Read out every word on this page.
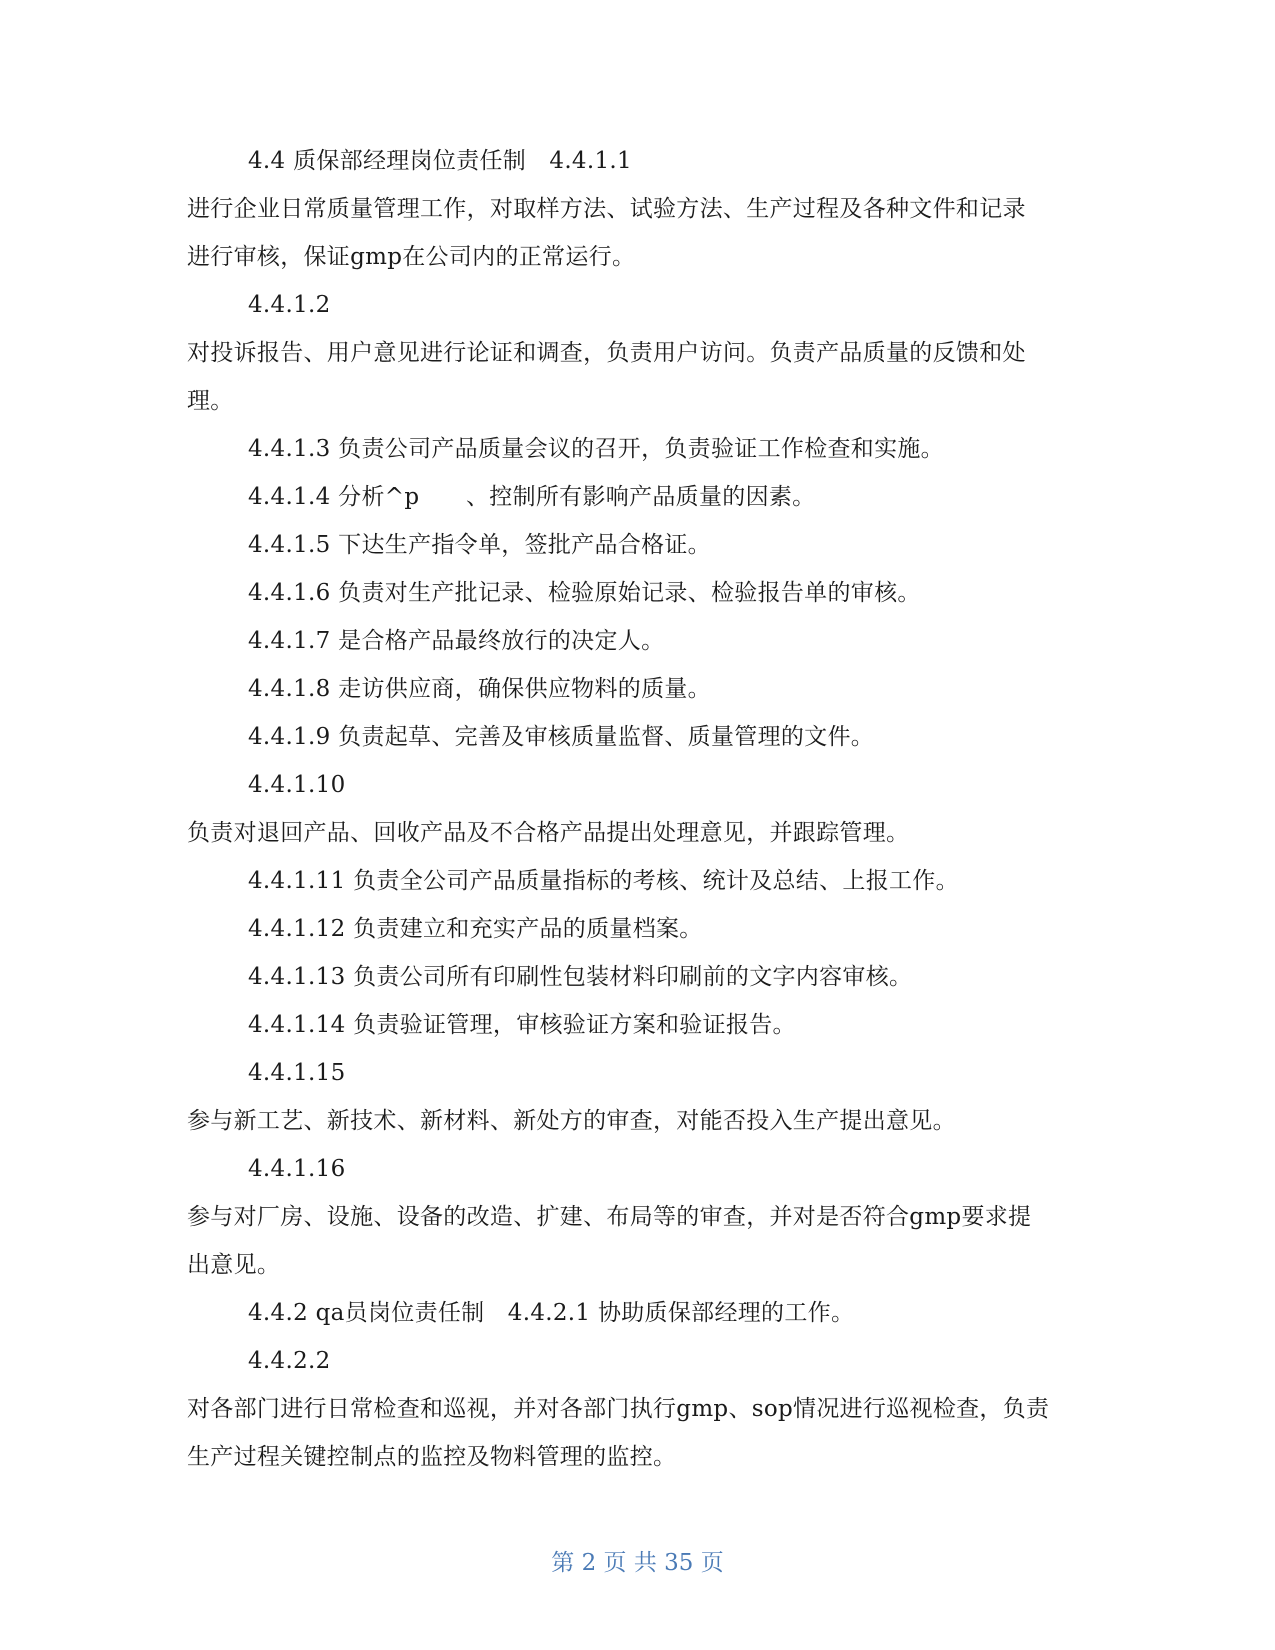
4.4 质保部经理岗位责任制　4.4.1.1
进行企业日常质量管理工作，对取样方法、试验方法、生产过程及各种文件和记录
进行审核，保证gmp在公司内的正常运行。
4.4.1.2
对投诉报告、用户意见进行论证和调查，负责用户访问。负责产品质量的反馈和处
理。
4.4.1.3 负责公司产品质量会议的召开，负责验证工作检查和实施。
4.4.1.4 分析^p　　、控制所有影响产品质量的因素。
4.4.1.5 下达生产指令单，签批产品合格证。
4.4.1.6 负责对生产批记录、检验原始记录、检验报告单的审核。
4.4.1.7 是合格产品最终放行的决定人。
4.4.1.8 走访供应商，确保供应物料的质量。
4.4.1.9 负责起草、完善及审核质量监督、质量管理的文件。
4.4.1.10
负责对退回产品、回收产品及不合格产品提出处理意见，并跟踪管理。
4.4.1.11 负责全公司产品质量指标的考核、统计及总结、上报工作。
4.4.1.12 负责建立和充实产品的质量档案。
4.4.1.13 负责公司所有印刷性包装材料印刷前的文字内容审核。
4.4.1.14 负责验证管理，审核验证方案和验证报告。
4.4.1.15
参与新工艺、新技术、新材料、新处方的审查，对能否投入生产提出意见。
4.4.1.16
参与对厂房、设施、设备的改造、扩建、布局等的审查，并对是否符合gmp要求提
出意见。
4.4.2 qa员岗位责任制　4.4.2.1 协助质保部经理的工作。
4.4.2.2
对各部门进行日常检查和巡视，并对各部门执行gmp、sop情况进行巡视检查，负责
生产过程关键控制点的监控及物料管理的监控。
第 2 页 共 35 页
